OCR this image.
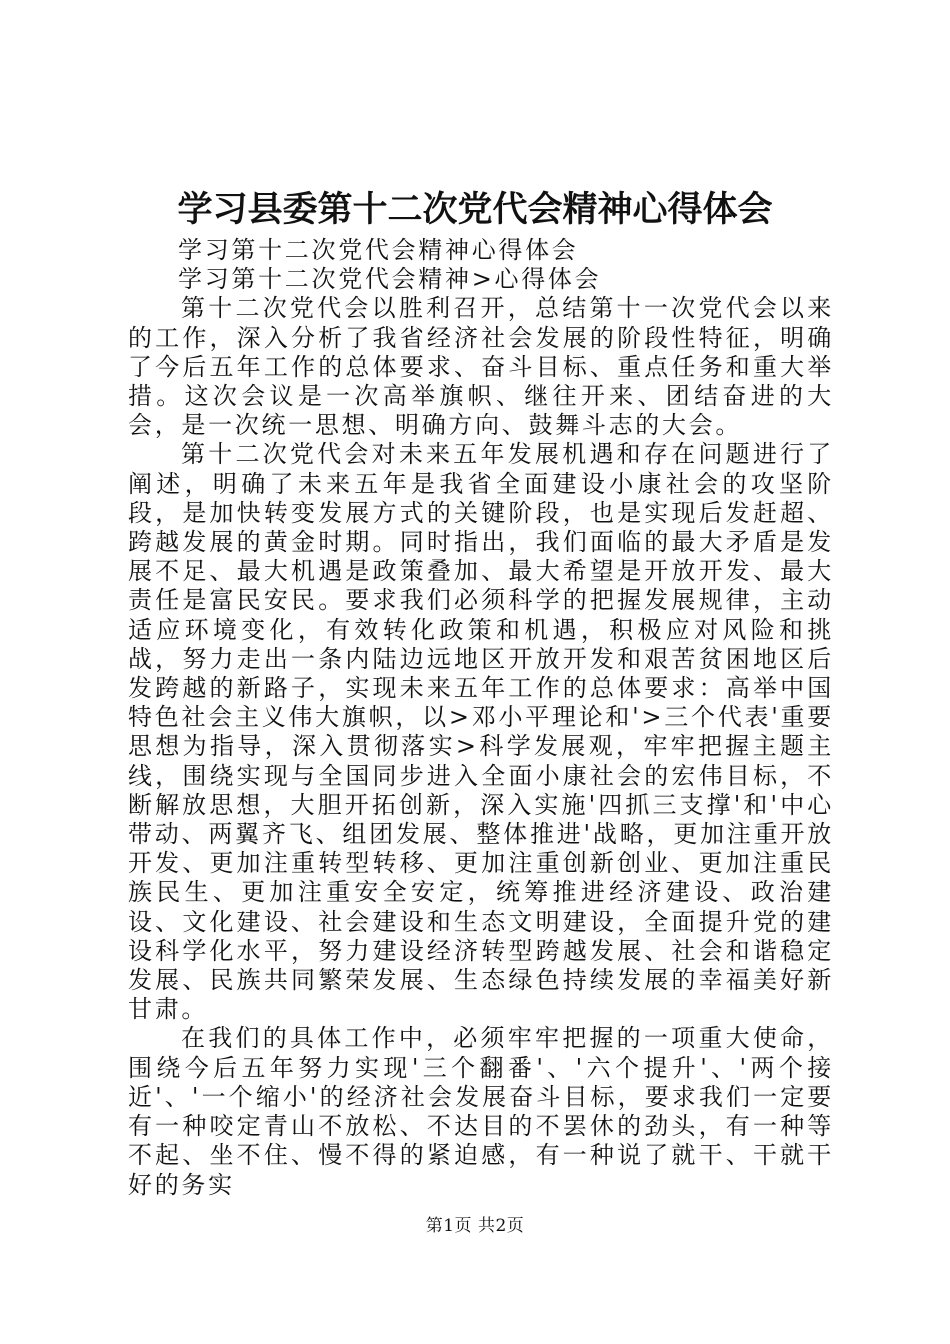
学习县委第十二次党代会精神心得体会

学习第十二次党代会精神心得体会

学习第十二次党代会精神>心得体会

第十二次党代会以胜利召开，总结第十一次党代会以来的工作，深入分析了我省经济社会发展的阶段性特征，明确了今后五年工作的总体要求、奋斗目标、重点任务和重大举措。这次会议是一次高举旗帜、继往开来、团结奋进的大会，是一次统一思想、明确方向、鼓舞斗志的大会。

第十二次党代会对未来五年发展机遇和存在问题进行了阐述，明确了未来五年是我省全面建设小康社会的攻坚阶段，是加快转变发展方式的关键阶段，也是实现后发赶超、跨越发展的黄金时期。同时指出，我们面临的最大矛盾是发展不足、最大机遇是政策叠加、最大希望是开放开发、最大责任是富民安民。要求我们必须科学的把握发展规律，主动适应环境变化，有效转化政策和机遇，积极应对风险和挑战，努力走出一条内陆边远地区开放开发和艰苦贫困地区后发跨越的新路子，实现未来五年工作的总体要求：高举中国特色社会主义伟大旗帜，以>邓小平理论和'>三个代表'重要思想为指导，深入贯彻落实>科学发展观，牢牢把握主题主线，围绕实现与全国同步进入全面小康社会的宏伟目标，不断解放思想，大胆开拓创新，深入实施'四抓三支撑'和'中心带动、两翼齐飞、组团发展、整体推进'战略，更加注重开放开发、更加注重转型转移、更加注重创新创业、更加注重民族民生、更加注重安全安定，统筹推进经济建设、政治建设、文化建设、社会建设和生态文明建设，全面提升党的建设科学化水平，努力建设经济转型跨越发展、社会和谐稳定发展、民族共同繁荣发展、生态绿色持续发展的幸福美好新甘肃。

在我们的具体工作中，必须牢牢把握的一项重大使命，围绕今后五年努力实现'三个翻番'、'六个提升'、'两个接近'、'一个缩小'的经济社会发展奋斗目标，要求我们一定要有一种咬定青山不放松、不达目的不罢休的劲头，有一种等不起、坐不住、慢不得的紧迫感，有一种说了就干、干就干好的务实

第1页 共2页
